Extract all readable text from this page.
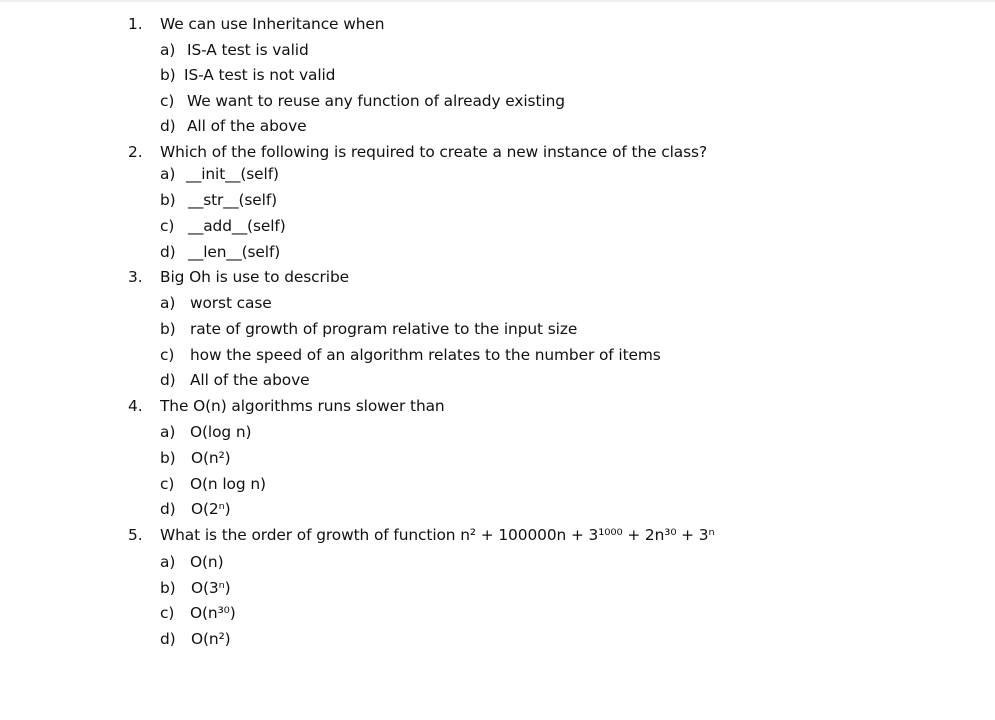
1.	We can use Inheritance when
a) IS-A test is valid
b) IS-A test is not valid
c) We want to reuse any function of already existing
d) All of the above
2.	Which of the following is required to create a new instance of the class?
a) __init__(self)
b) __str__(self)
c) __add__(self)
d) __len__(self)
3.	Big Oh is use to describe
a) worst case
b) rate of growth of program relative to the input size
c) how the speed of an algorithm relates to the number of items
d) All of the above
4.	The O(n) algorithms runs slower than
a) O(log n)
b) O(n²)
c) O(n log n)
d) O(2ⁿ)
5.	What is the order of growth of function n² + 100000n + 3¹⁰⁰⁰ + 2n³⁰ + 3ⁿ
a) O(n)
b) O(3ⁿ)
c) O(n³⁰)
d) O(n²)
